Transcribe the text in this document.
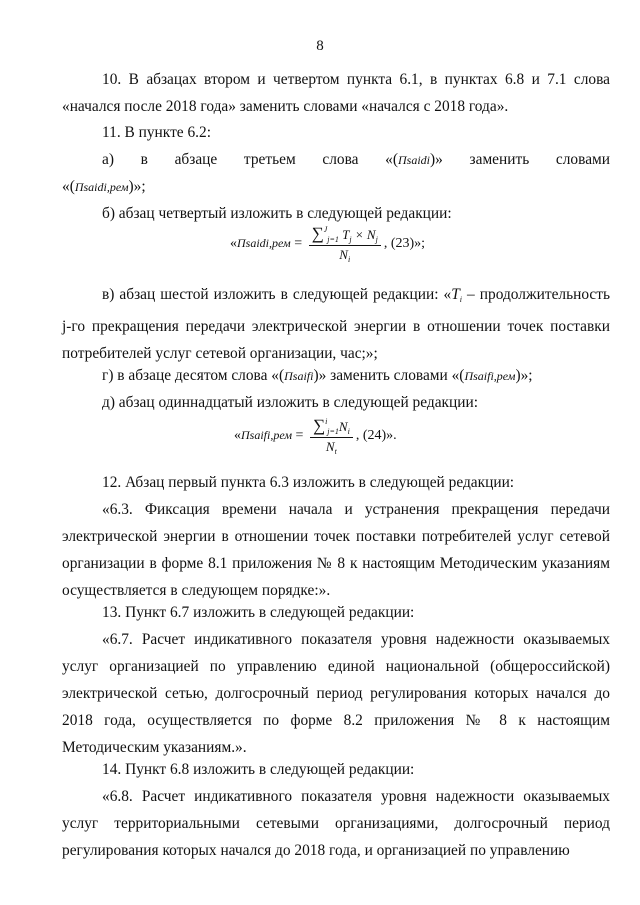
8

10. В абзацах втором и четвертом пункта 6.1, в пунктах 6.8 и 7.1 слова «начался после 2018 года» заменить словами «начался с 2018 года».

11. В пункте 6.2:

а) в абзаце третьем слова «(Пsaidi)» заменить словами

«(Пsaidi,рем)»;

б) абзац четвертый изложить в следующей редакции:

«Пsaidi,рем = $\frac{\sum^J_{j=1} T_j \times N_j}{N_i}$ , (23)»;

в) абзац шестой изложить в следующей редакции: «Ti – продолжительность j-го прекращения передачи электрической энергии в отношении точек поставки потребителей услуг сетевой организации, час;»;

г) в абзаце десятом слова «(Пsaifi)» заменить словами «(Пsaifi,рем)»;

д) абзац одиннадцатый изложить в следующей редакции:

«Пsaifi,рем = $\frac{\sum^i_{j=1}N_i}{N_t}$ , (24)».

12. Абзац первый пункта 6.3 изложить в следующей редакции:

«6.3. Фиксация времени начала и устранения прекращения передачи электрической энергии в отношении точек поставки потребителей услуг сетевой организации в форме 8.1 приложения № 8 к настоящим Методическим указаниям осуществляется в следующем порядке:».

13. Пункт 6.7 изложить в следующей редакции:

«6.7. Расчет индикативного показателя уровня надежности оказываемых услуг организацией по управлению единой национальной (общероссийской) электрической сетью, долгосрочный период регулирования которых начался до 2018 года, осуществляется по форме 8.2 приложения № 8 к настоящим Методическим указаниям.».

14. Пункт 6.8 изложить в следующей редакции:

«6.8. Расчет индикативного показателя уровня надежности оказываемых услуг территориальными сетевыми организациями, долгосрочный период регулирования которых начался до 2018 года, и организацией по управлению
